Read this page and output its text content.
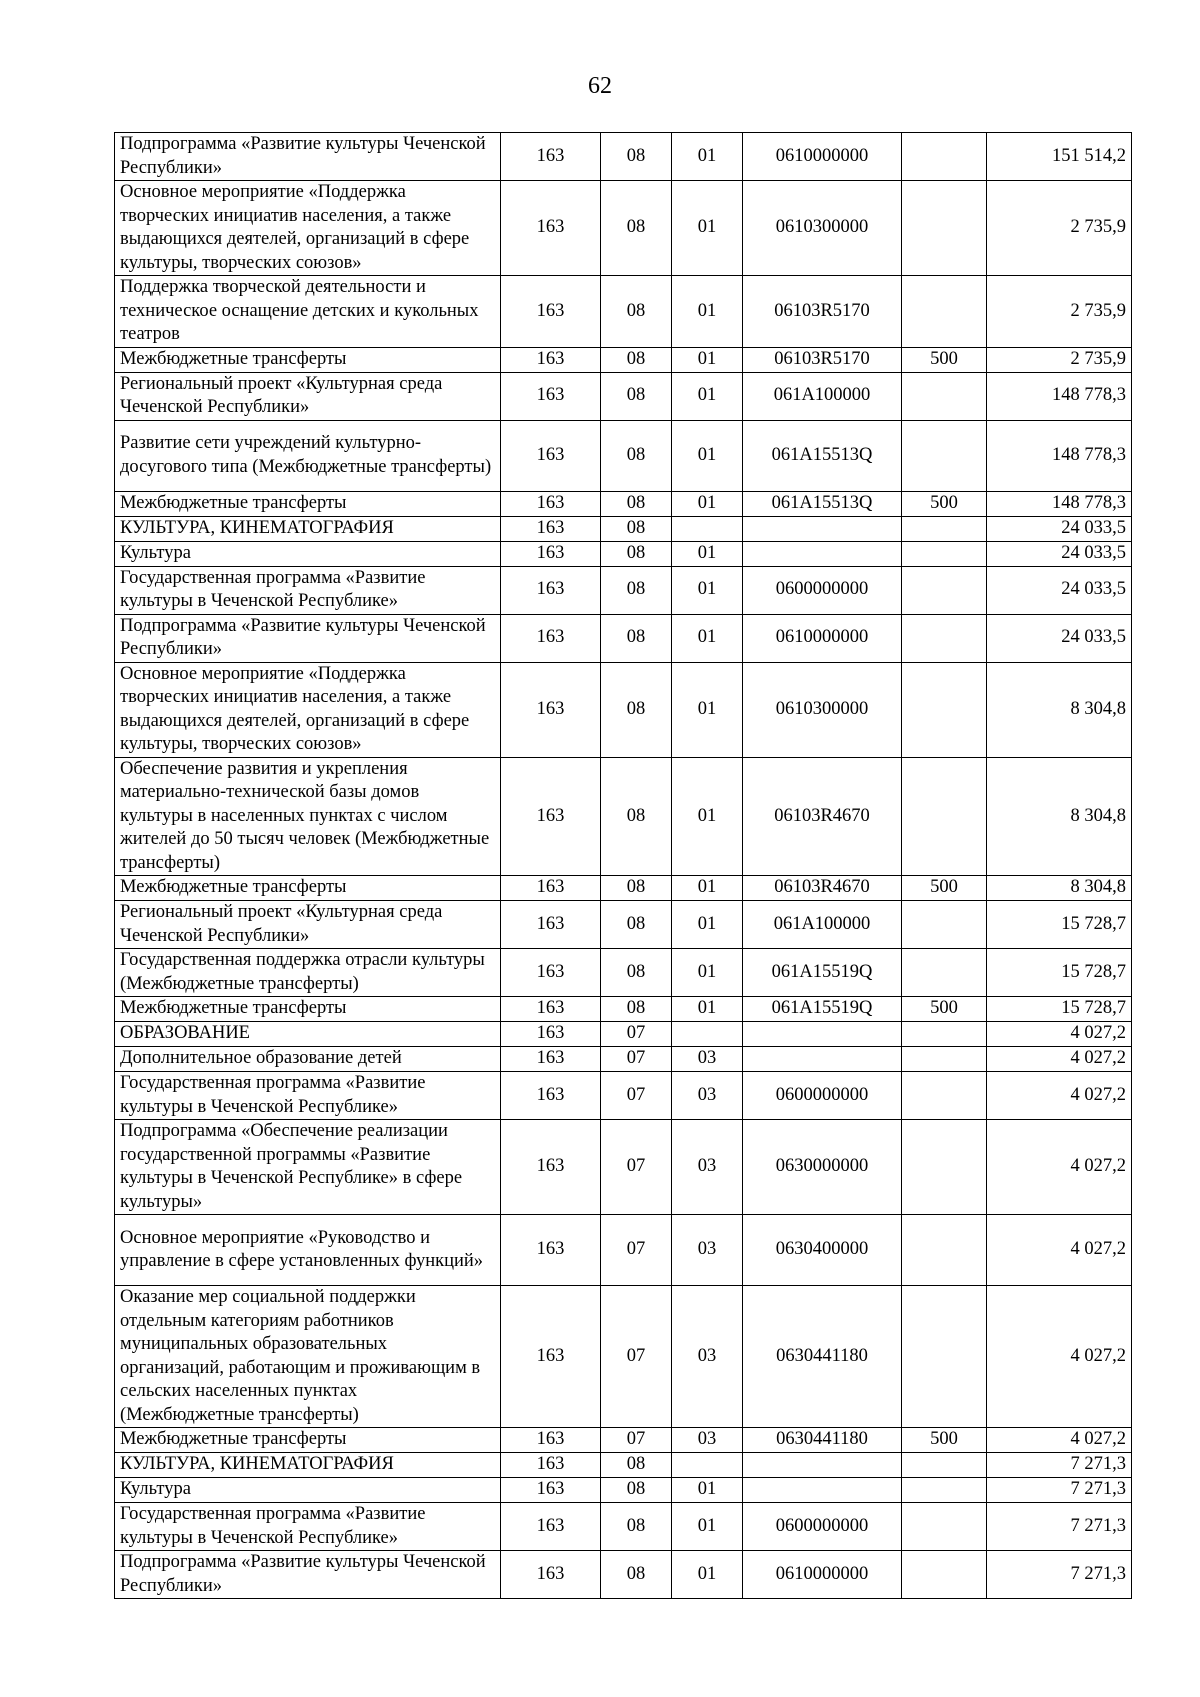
62
Подпрограмма «Развитие культуры Чеченской Республики»	163	08	01	0610000000		151 514,2
Основное мероприятие «Поддержка творческих инициатив населения, а также выдающихся деятелей, организаций в сфере культуры, творческих союзов»	163	08	01	0610300000		2 735,9
Поддержка творческой деятельности и техническое оснащение детских и кукольных театров	163	08	01	06103R5170		2 735,9
Межбюджетные трансферты	163	08	01	06103R5170	500	2 735,9
Региональный проект «Культурная среда Чеченской Республики»	163	08	01	061A100000		148 778,3
Развитие сети учреждений культурно-досугового типа (Межбюджетные трансферты)	163	08	01	061A15513Q		148 778,3
Межбюджетные трансферты	163	08	01	061A15513Q	500	148 778,3
КУЛЬТУРА, КИНЕМАТОГРАФИЯ	163	08				24 033,5
Культура	163	08	01			24 033,5
Государственная программа «Развитие культуры в Чеченской Республике»	163	08	01	0600000000		24 033,5
Подпрограмма «Развитие культуры Чеченской Республики»	163	08	01	0610000000		24 033,5
Основное мероприятие «Поддержка творческих инициатив населения, а также выдающихся деятелей, организаций в сфере культуры, творческих союзов»	163	08	01	0610300000		8 304,8
Обеспечение развития и укрепления материально-технической базы домов культуры в населенных пунктах с числом жителей до 50 тысяч человек (Межбюджетные трансферты)	163	08	01	06103R4670		8 304,8
Межбюджетные трансферты	163	08	01	06103R4670	500	8 304,8
Региональный проект «Культурная среда Чеченской Республики»	163	08	01	061A100000		15 728,7
Государственная поддержка отрасли культуры (Межбюджетные трансферты)	163	08	01	061A15519Q		15 728,7
Межбюджетные трансферты	163	08	01	061A15519Q	500	15 728,7
ОБРАЗОВАНИЕ	163	07				4 027,2
Дополнительное образование детей	163	07	03			4 027,2
Государственная программа «Развитие культуры в Чеченской Республике»	163	07	03	0600000000		4 027,2
Подпрограмма «Обеспечение реализации государственной программы «Развитие культуры в Чеченской Республике» в сфере культуры»	163	07	03	0630000000		4 027,2
Основное мероприятие «Руководство и управление в сфере установленных функций»	163	07	03	0630400000		4 027,2
Оказание мер социальной поддержки отдельным категориям работников муниципальных образовательных организаций, работающим и проживающим в сельских населенных пунктах (Межбюджетные трансферты)	163	07	03	0630441180		4 027,2
Межбюджетные трансферты	163	07	03	0630441180	500	4 027,2
КУЛЬТУРА, КИНЕМАТОГРАФИЯ	163	08				7 271,3
Культура	163	08	01			7 271,3
Государственная программа «Развитие культуры в Чеченской Республике»	163	08	01	0600000000		7 271,3
Подпрограмма «Развитие культуры Чеченской Республики»	163	08	01	0610000000		7 271,3
